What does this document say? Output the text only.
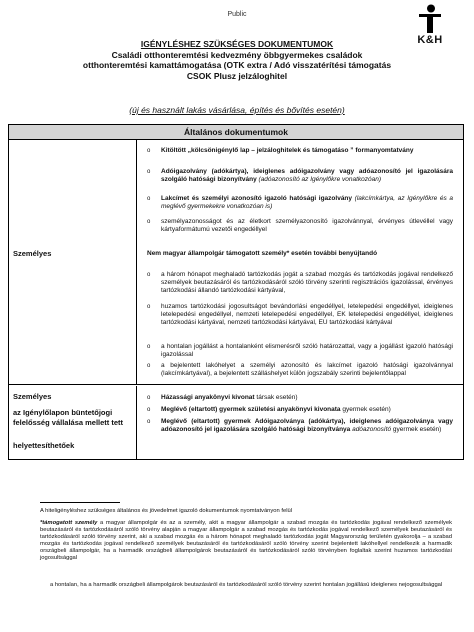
Public
K&H
IGÉNYLÉSHEZ SZÜKSÉGES DOKUMENTUMOK
Családi otthonteremtési kedvezmény öbbgyermekes családok
otthonteremtési kamattámogatása (OTK extra / Adó visszatérítési támogatás
CSOK Plusz jelzáloghitel
(új és használt lakás vásárlása, építés és bővítés esetén)
Általános dokumentumok
Személyes
o Kitöltött „kölcsönigénylő lap – jelzáloghitelek és támogatáso ” formanyomtatvány
o Adóigazolvány (adókártya), ideiglenes adóigazolvány vagy adóazonosító jel igazolására szolgáló hatósági bizonyítvány (adóazonosító az Igénylőkre vonatkozóan)
o Lakcímet és személyi azonosító igazoló hatósági igazolvány (lakcímkártya, az Igénylőkre és a meglévő gyermekekre vonatkozóan is)
o személyazonosságot és az életkort személyazonosító igazolvánnyal, érvényes útlevéllel vagy kártyaformátumú vezetői engedéllyel
Nem magyar állampolgár támogatott személy* esetén további benyújtandó
o a három hónapot meghaladó tartózkodás jogát a szabad mozgás és tartózkodás jogával rendelkező személyek beutazásáról és tartózkodásáról szóló törvény szerinti regisztrációs igazolással, érvényes tartózkodási állandó tartózkodási kártyával,
o huzamos tartózkodási jogosultságot bevándorlási engedéllyel, letelepedési engedéllyel, ideiglenes letelepedési engedéllyel, nemzeti letelepedési engedéllyel, EK letelepedési engedéllyel, ideiglenes tartózkodási kártyával, nemzeti tartózkodási kártyával, EU tartózkodási kártyával
o a hontalan jogállást a hontalanként elismerésről szóló határozattal, vagy a jogállást igazoló hatósági igazolással
o a bejelentett lakóhelyet a személyi azonosító és lakcímet igazoló hatósági igazolvánnyal (lakcímkártyával), a bejelentett szálláshelyet külön jogszabály szerinti bejelentőlappal
Személyes
az Igénylőlapon büntetőjogi felelősség vállalása mellett tett
helyettesíthetőek
o Házassági anyakönyvi kivonat társak esetén)
o Meglévő (eltartott) gyermek születési anyakönyvi kivonata gyermek esetén)
o Meglévő (eltartott) gyermek Adóigazolványa (adókártya), ideiglenes adóigazolványa vagy adóazonosító jel igazolására szolgáló hatósági bizonyítványa adóazonosító gyermek esetén)
A hiteligényléshez szükséges általános és jövedelmet igazoló dokumentumok nyomtatványon felül
*támogatott személy a magyar állampolgár és az a személy, akit a magyar állampolgár a szabad mozgás és tartózkodás jogával rendelkező személyek beutazásáról és tartózkodásáról szóló törvény alapján a magyar állampolgár a szabad mozgás és tartózkodás jogával rendelkező személyek beutazásáról és tartózkodásáról szóló törvény szerint, aki a szabad mozgás és a három hónapot meghaladó tartózkodás jogát Magyarország területén gyakorolja – a szabad mozgás és tartózkodás jogával rendelkező személyek beutazásáról és tartózkodásáról szóló törvény szerint bejelentett lakóhellyel rendelkezik a harmadik országbeli állampolgár, ha a harmadik országbeli állampolgárok beutazásáról és tartózkodásáról szóló törvényben foglaltak szerint huzamos tartózkodási jogosultsággal
a hontalan, ha a harmadik országbeli állampolgárok beutazásáról és tartózkodásáról szóló törvény szerint hontalan jogállású ideiglenes nejogosultsággal
